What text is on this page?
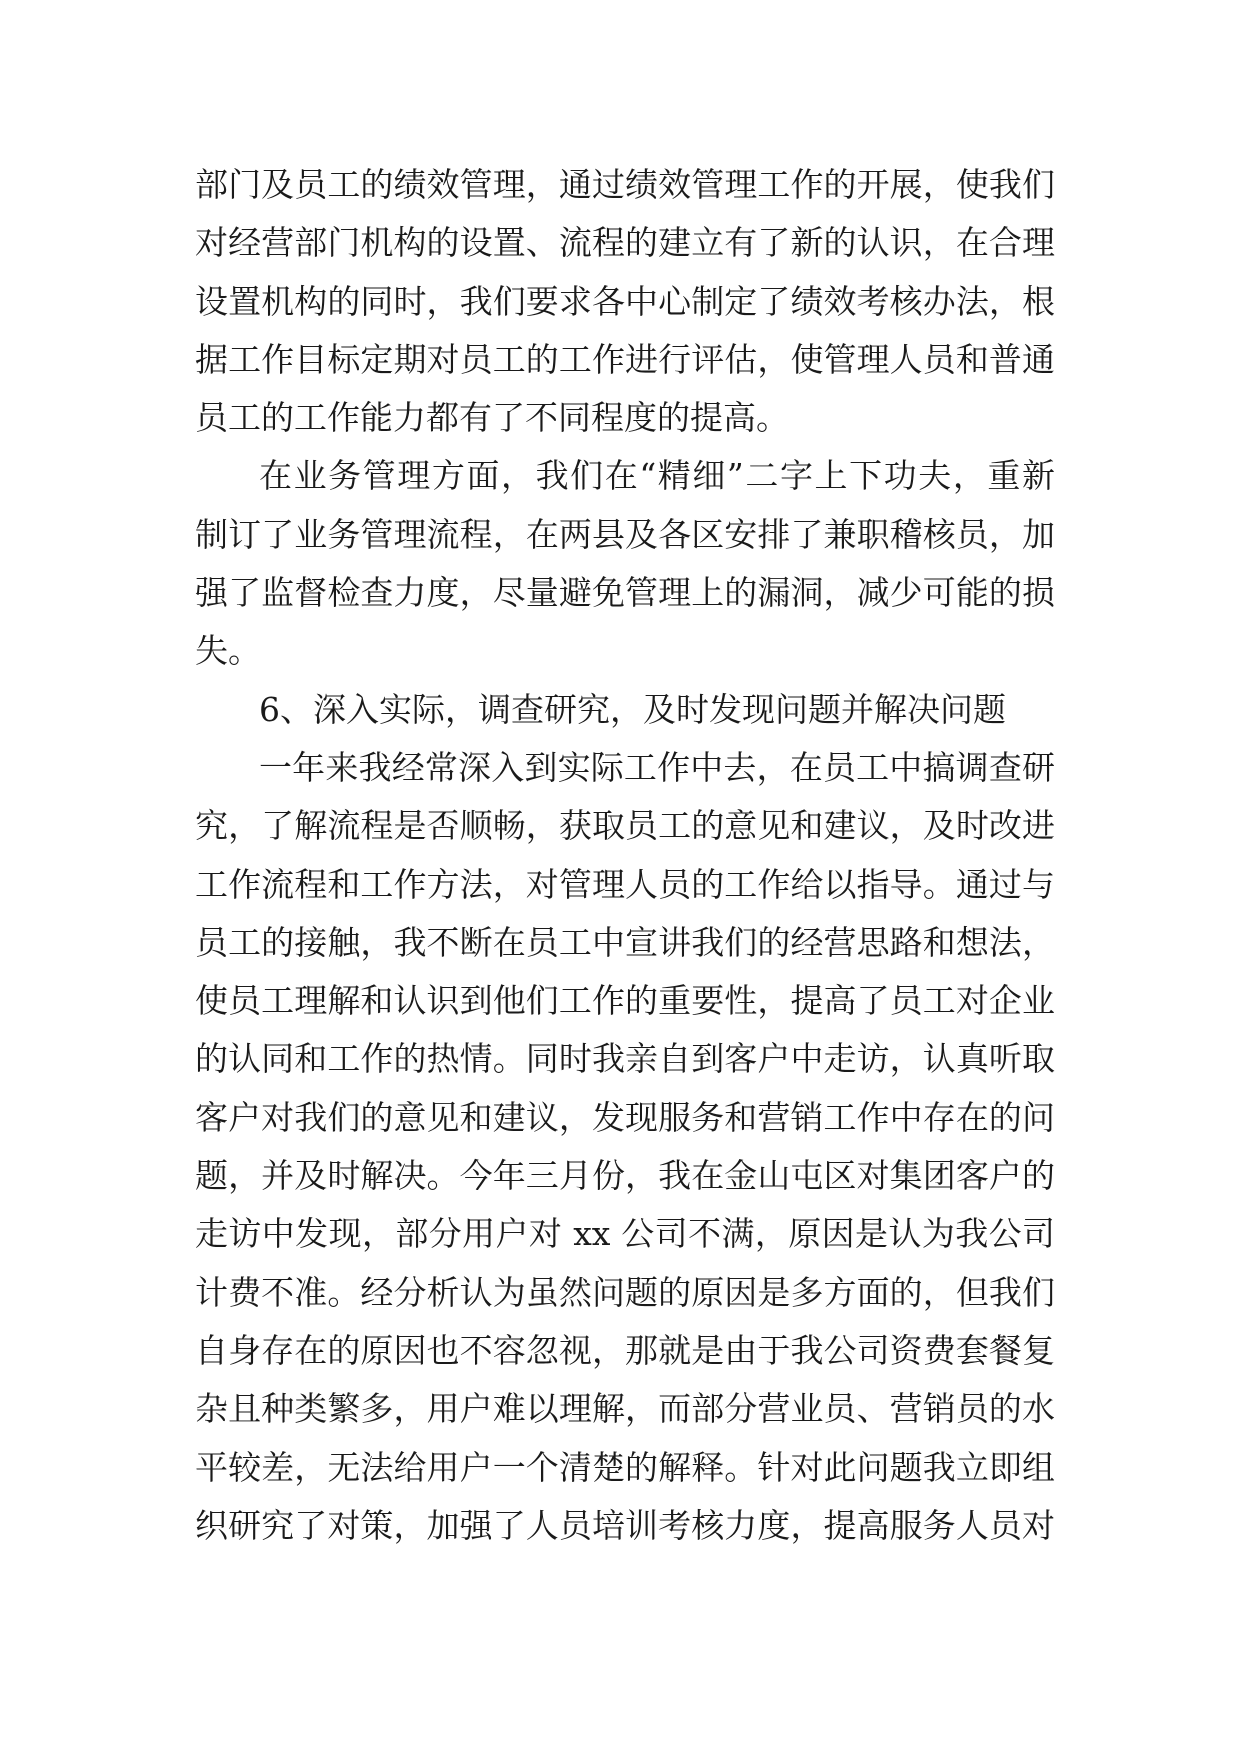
部门及员工的绩效管理，通过绩效管理工作的开展，使我们
对经营部门机构的设置、流程的建立有了新的认识，在合理
设置机构的同时，我们要求各中心制定了绩效考核办法，根
据工作目标定期对员工的工作进行评估，使管理人员和普通
员工的工作能力都有了不同程度的提高。
在业务管理方面，我们在“精细”二字上下功夫，重新
制订了业务管理流程，在两县及各区安排了兼职稽核员，加
强了监督检查力度，尽量避免管理上的漏洞，减少可能的损
失。
6、深入实际，调查研究，及时发现问题并解决问题
一年来我经常深入到实际工作中去，在员工中搞调查研
究，了解流程是否顺畅，获取员工的意见和建议，及时改进
工作流程和工作方法，对管理人员的工作给以指导。通过与
员工的接触，我不断在员工中宣讲我们的经营思路和想法，
使员工理解和认识到他们工作的重要性，提高了员工对企业
的认同和工作的热情。同时我亲自到客户中走访，认真听取
客户对我们的意见和建议，发现服务和营销工作中存在的问
题，并及时解决。今年三月份，我在金山屯区对集团客户的
走访中发现，部分用户对 xx 公司不满，原因是认为我公司
计费不准。经分析认为虽然问题的原因是多方面的，但我们
自身存在的原因也不容忽视，那就是由于我公司资费套餐复
杂且种类繁多，用户难以理解，而部分营业员、营销员的水
平较差，无法给用户一个清楚的解释。针对此问题我立即组
织研究了对策，加强了人员培训考核力度，提高服务人员对
